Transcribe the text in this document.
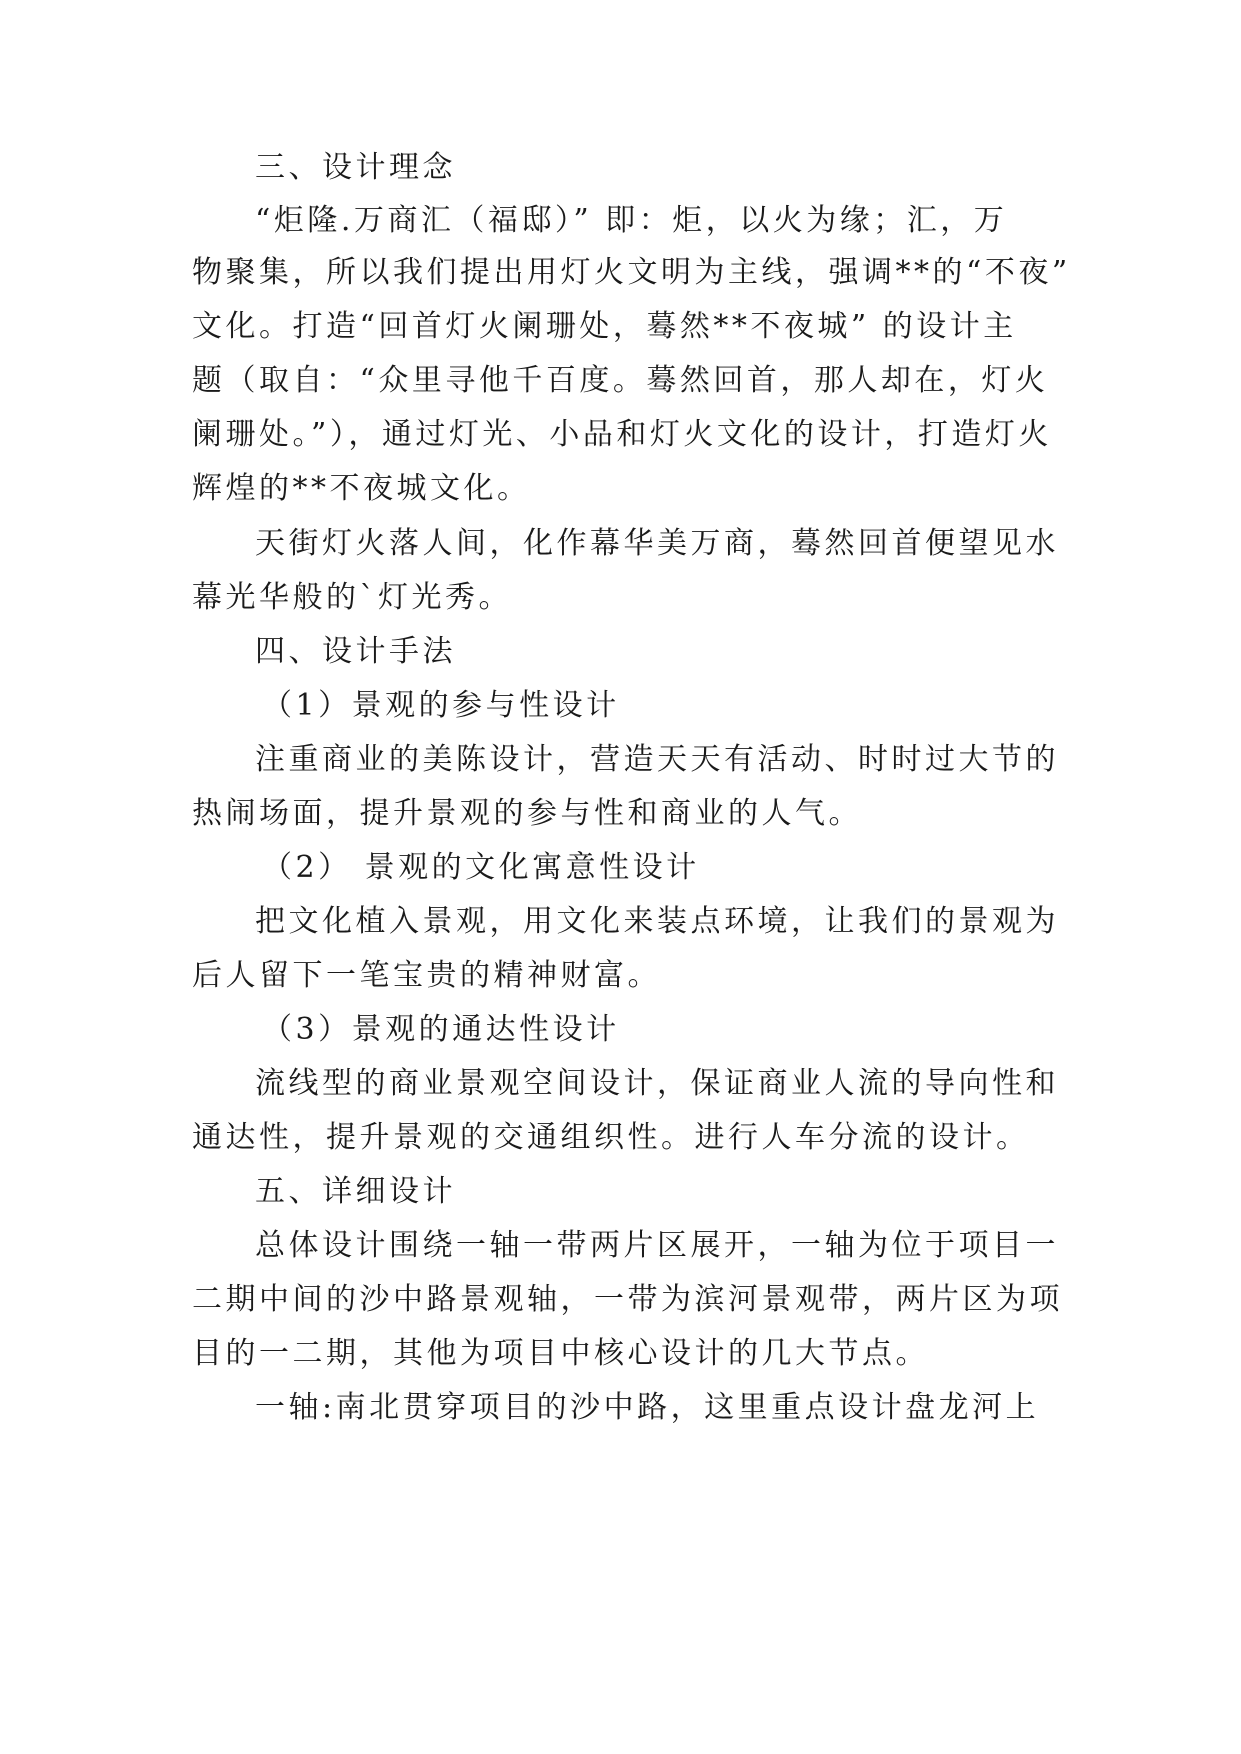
三、设计理念
“炬隆.万商汇（福邸）” 即：炬，以火为缘；汇，万
物聚集，所以我们提出用灯火文明为主线，强调**的“不夜”
文化。打造“回首灯火阑珊处，蓦然**不夜城” 的设计主
题（取自：“众里寻他千百度。蓦然回首，那人却在，灯火
阑珊处。”），通过灯光、小品和灯火文化的设计，打造灯火
辉煌的**不夜城文化。
天街灯火落人间，化作幕华美万商，蓦然回首便望见水
幕光华般的`灯光秀。
四、设计手法
（1）景观的参与性设计
注重商业的美陈设计，营造天天有活动、时时过大节的
热闹场面，提升景观的参与性和商业的人气。
（2） 景观的文化寓意性设计
把文化植入景观，用文化来装点环境，让我们的景观为
后人留下一笔宝贵的精神财富。
（3）景观的通达性设计
流线型的商业景观空间设计，保证商业人流的导向性和
通达性，提升景观的交通组织性。进行人车分流的设计。
五、详细设计
总体设计围绕一轴一带两片区展开，一轴为位于项目一
二期中间的沙中路景观轴，一带为滨河景观带，两片区为项
目的一二期，其他为项目中核心设计的几大节点。
一轴:南北贯穿项目的沙中路，这里重点设计盘龙河上
